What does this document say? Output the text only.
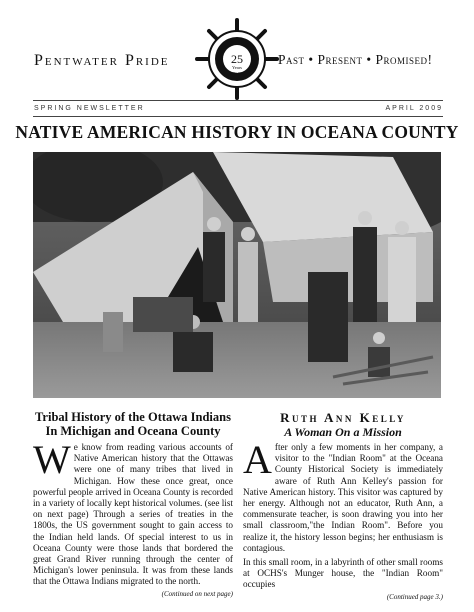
Pentwater Pride	25
Years
1982-2007
Past • Present • Promised!
SPRING NEWSLETTER	APRIL 2009
NATIVE AMERICAN HISTORY IN OCEANA COUNTY
Tribal History of the Ottawa Indians
In Michigan and Oceana County
We know from reading various accounts of Native American history that the Ottawas were one of many tribes that lived in Michigan. How these once great, once powerful people arrived in Oceana County is recorded in a variety of locally kept historical volumes. (see list on next page) Through a series of treaties in the 1800s, the US government sought to gain access to the Indian held lands. Of special interest to us in Oceana County were those lands that bordered the great Grand River running through the center of Michigan's lower peninsula. It was from these lands that the Ottawa Indians migrated to the north.
(Continued on next page)
Ruth Ann Kelly
A Woman On a Mission
After only a few moments in her company, a visitor to the "Indian Room" at the Oceana County Historical Society is immediately aware of Ruth Ann Kelley's passion for Native American history. This visitor was captured by her energy. Although not an educator, Ruth Ann, a commensurate teacher, is soon drawing you into her small classroom,"the Indian Room". Before you realize it, the history lesson begins; her enthusiasm is contagious.
In this small room, in a labyrinth of other small rooms at OCHS's Munger house, the "Indian Room" occupies
(Continued page 3.)
